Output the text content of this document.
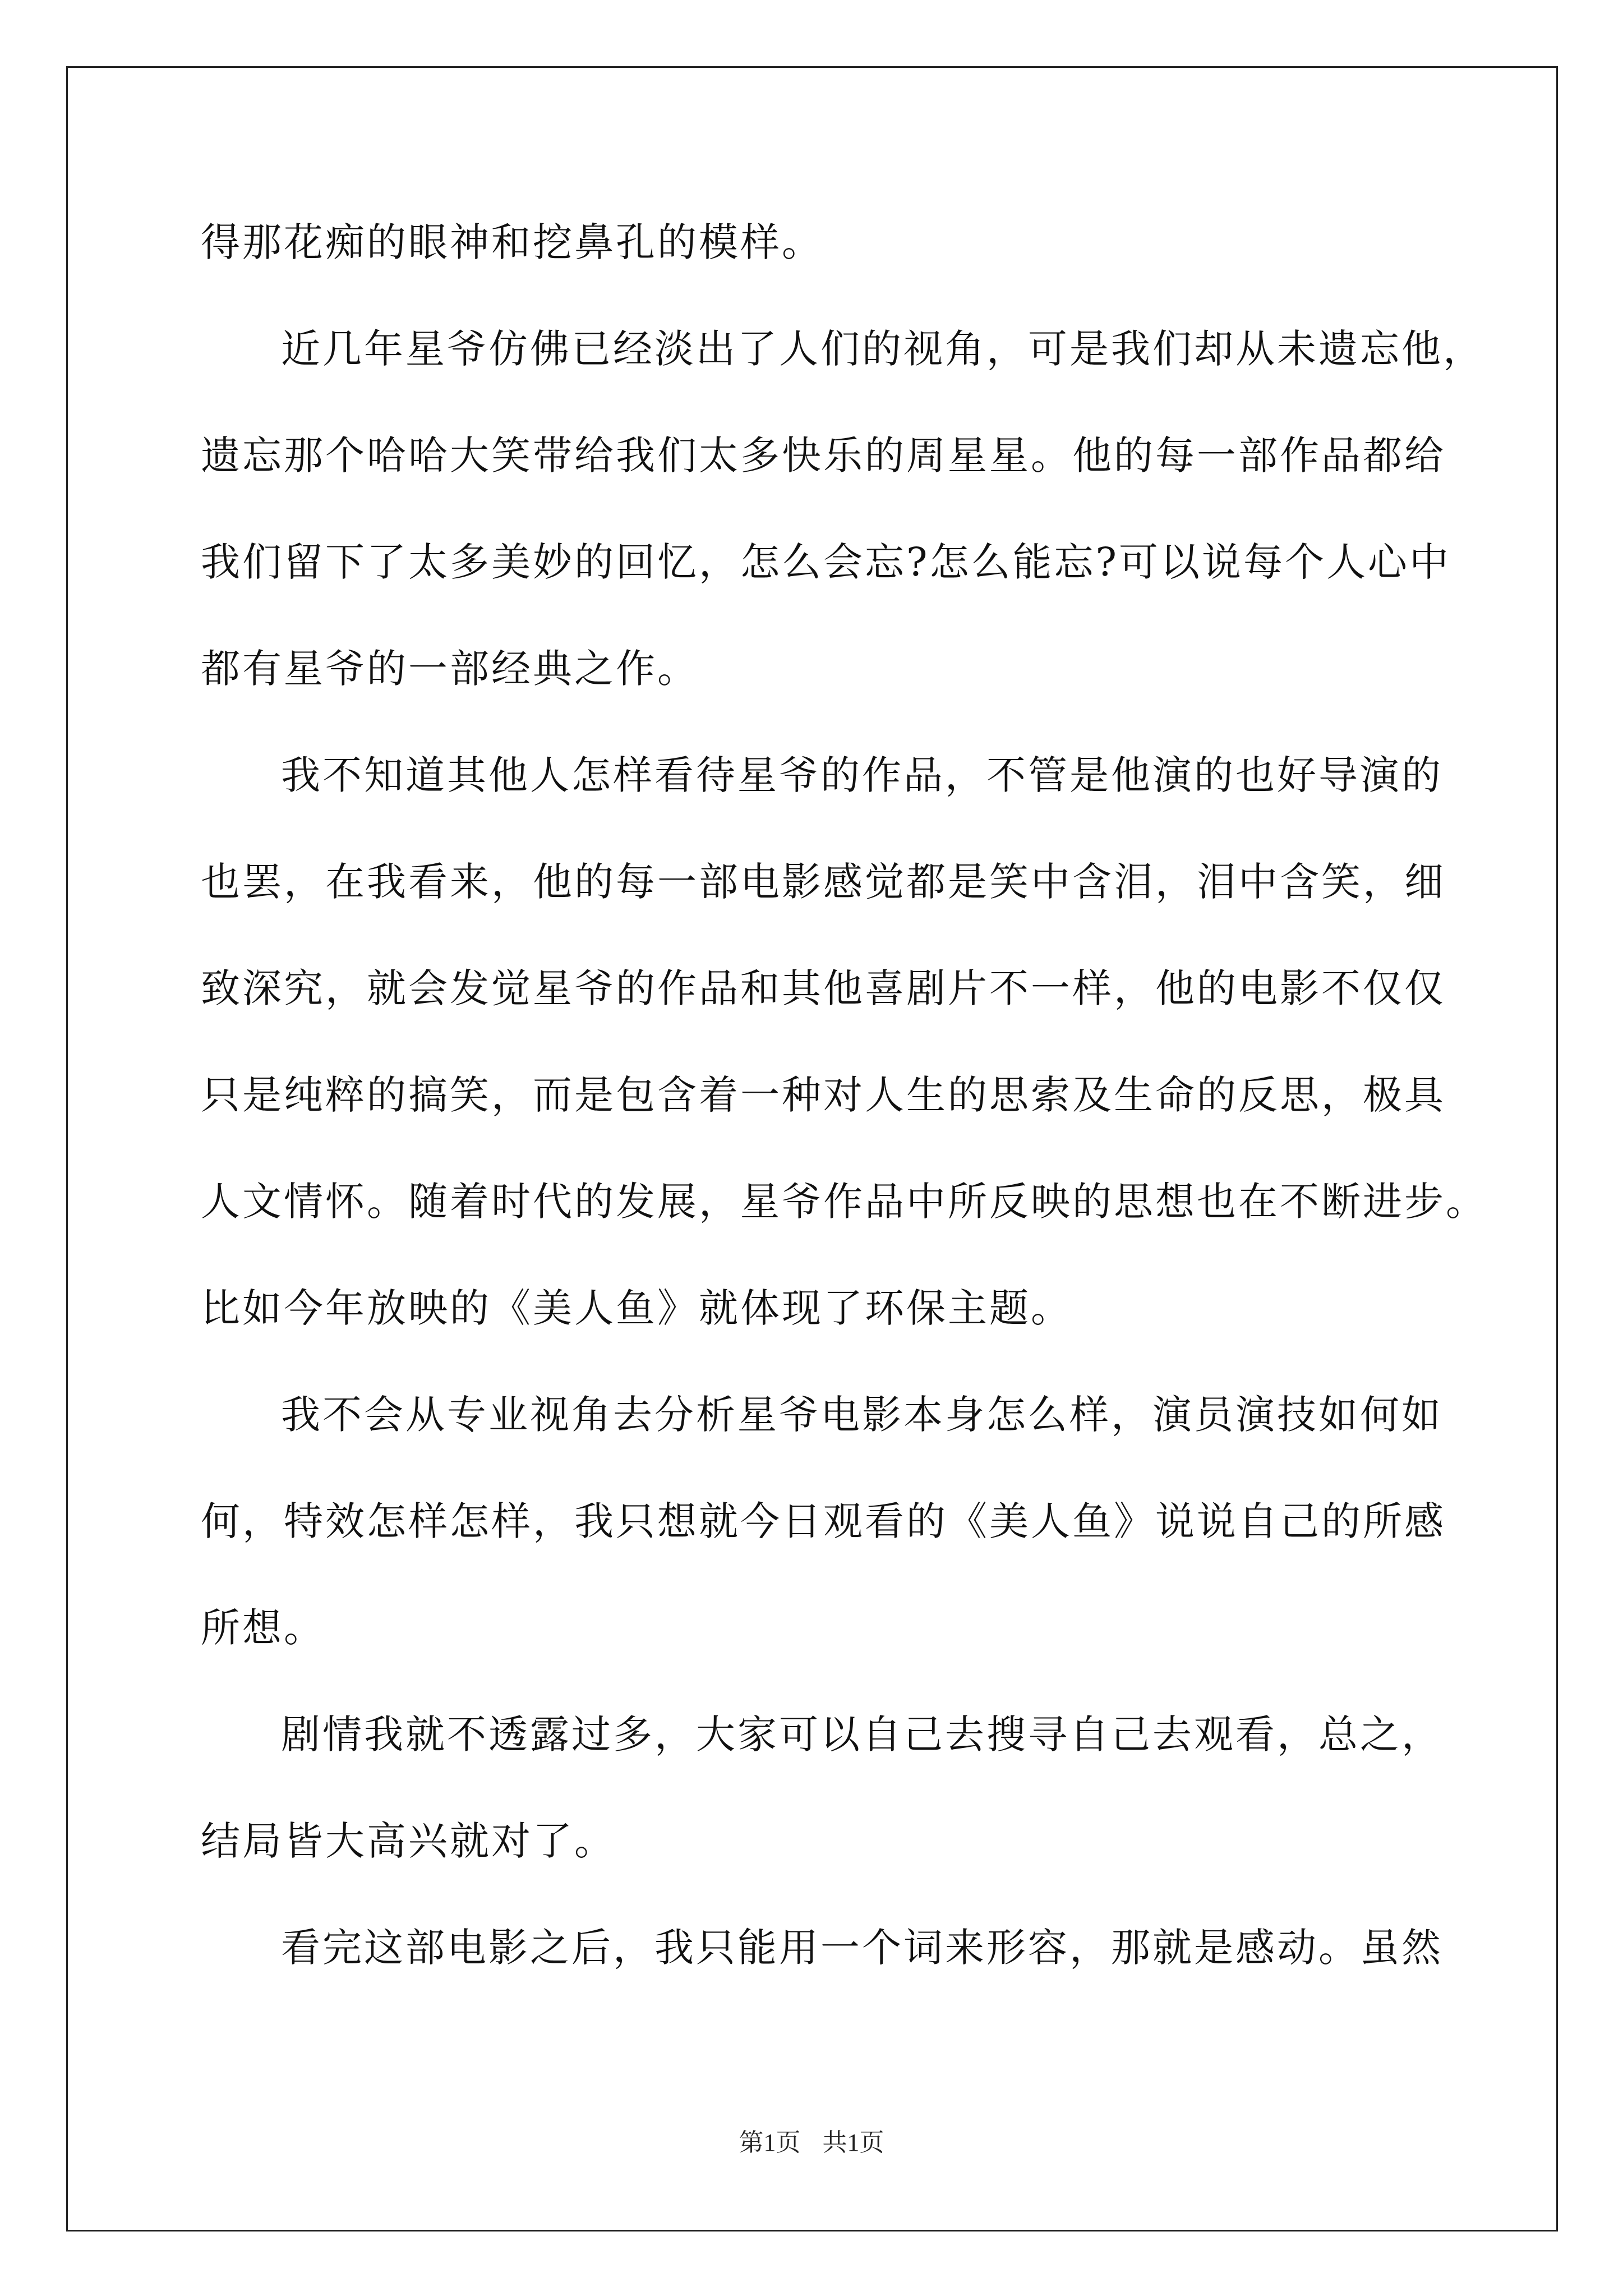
得那花痴的眼神和挖鼻孔的模样。
近几年星爷仿佛已经淡出了人们的视角，可是我们却从未遗忘他，
遗忘那个哈哈大笑带给我们太多快乐的周星星。他的每一部作品都给
我们留下了太多美妙的回忆，怎么会忘?怎么能忘?可以说每个人心中
都有星爷的一部经典之作。
我不知道其他人怎样看待星爷的作品，不管是他演的也好导演的
也罢，在我看来，他的每一部电影感觉都是笑中含泪，泪中含笑，细
致深究，就会发觉星爷的作品和其他喜剧片不一样，他的电影不仅仅
只是纯粹的搞笑，而是包含着一种对人生的思索及生命的反思，极具
人文情怀。随着时代的发展，星爷作品中所反映的思想也在不断进步。
比如今年放映的《美人鱼》就体现了环保主题。
我不会从专业视角去分析星爷电影本身怎么样，演员演技如何如
何，特效怎样怎样，我只想就今日观看的《美人鱼》说说自己的所感
所想。
剧情我就不透露过多，大家可以自己去搜寻自己去观看，总之，
结局皆大高兴就对了。
看完这部电影之后，我只能用一个词来形容，那就是感动。虽然
第1页 共1页
